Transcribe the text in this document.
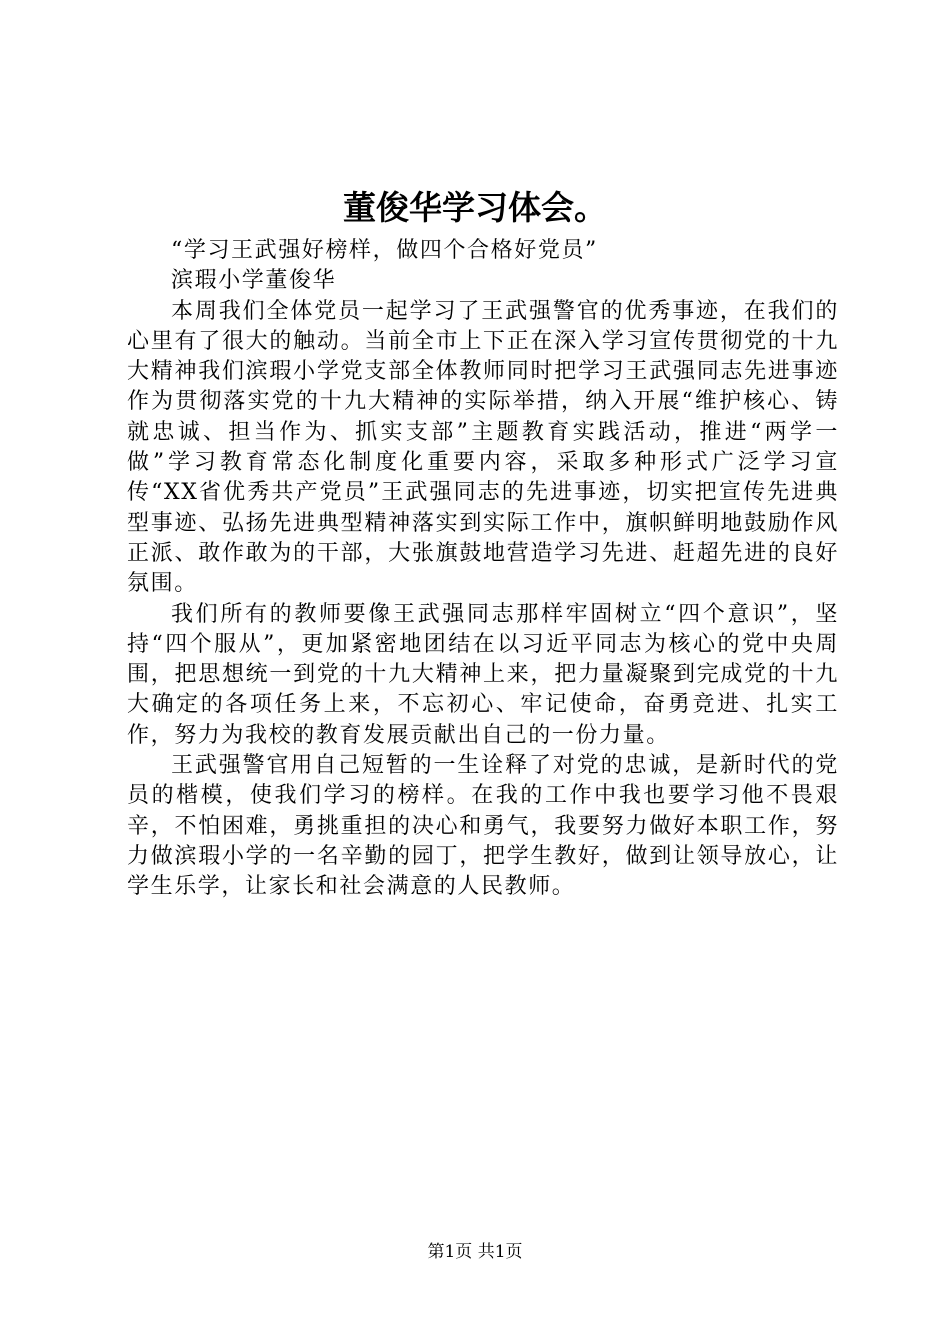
董俊华学习体会。

“学习王武强好榜样，做四个合格好党员”

滨瑕小学董俊华

本周我们全体党员一起学习了王武强警官的优秀事迹，在我们的心里有了很大的触动。当前全市上下正在深入学习宣传贯彻党的十九大精神我们滨瑕小学党支部全体教师同时把学习王武强同志先进事迹作为贯彻落实党的十九大精神的实际举措，纳入开展“维护核心、铸就忠诚、担当作为、抓实支部”主题教育实践活动，推进“两学一做”学习教育常态化制度化重要内容，采取多种形式广泛学习宣传“XX省优秀共产党员”王武强同志的先进事迹，切实把宣传先进典型事迹、弘扬先进典型精神落实到实际工作中，旗帜鲜明地鼓励作风正派、敢作敢为的干部，大张旗鼓地营造学习先进、赶超先进的良好氛围。

我们所有的教师要像王武强同志那样牢固树立“四个意识”，坚持“四个服从”，更加紧密地团结在以习近平同志为核心的党中央周围，把思想统一到党的十九大精神上来，把力量凝聚到完成党的十九大确定的各项任务上来，不忘初心、牢记使命，奋勇竞进、扎实工作，努力为我校的教育发展贡献出自己的一份力量。

王武强警官用自己短暂的一生诠释了对党的忠诚，是新时代的党员的楷模，使我们学习的榜样。在我的工作中我也要学习他不畏艰辛，不怕困难，勇挑重担的决心和勇气，我要努力做好本职工作，努力做滨瑕小学的一名辛勤的园丁，把学生教好，做到让领导放心，让学生乐学，让家长和社会满意的人民教师。

第1页 共1页
